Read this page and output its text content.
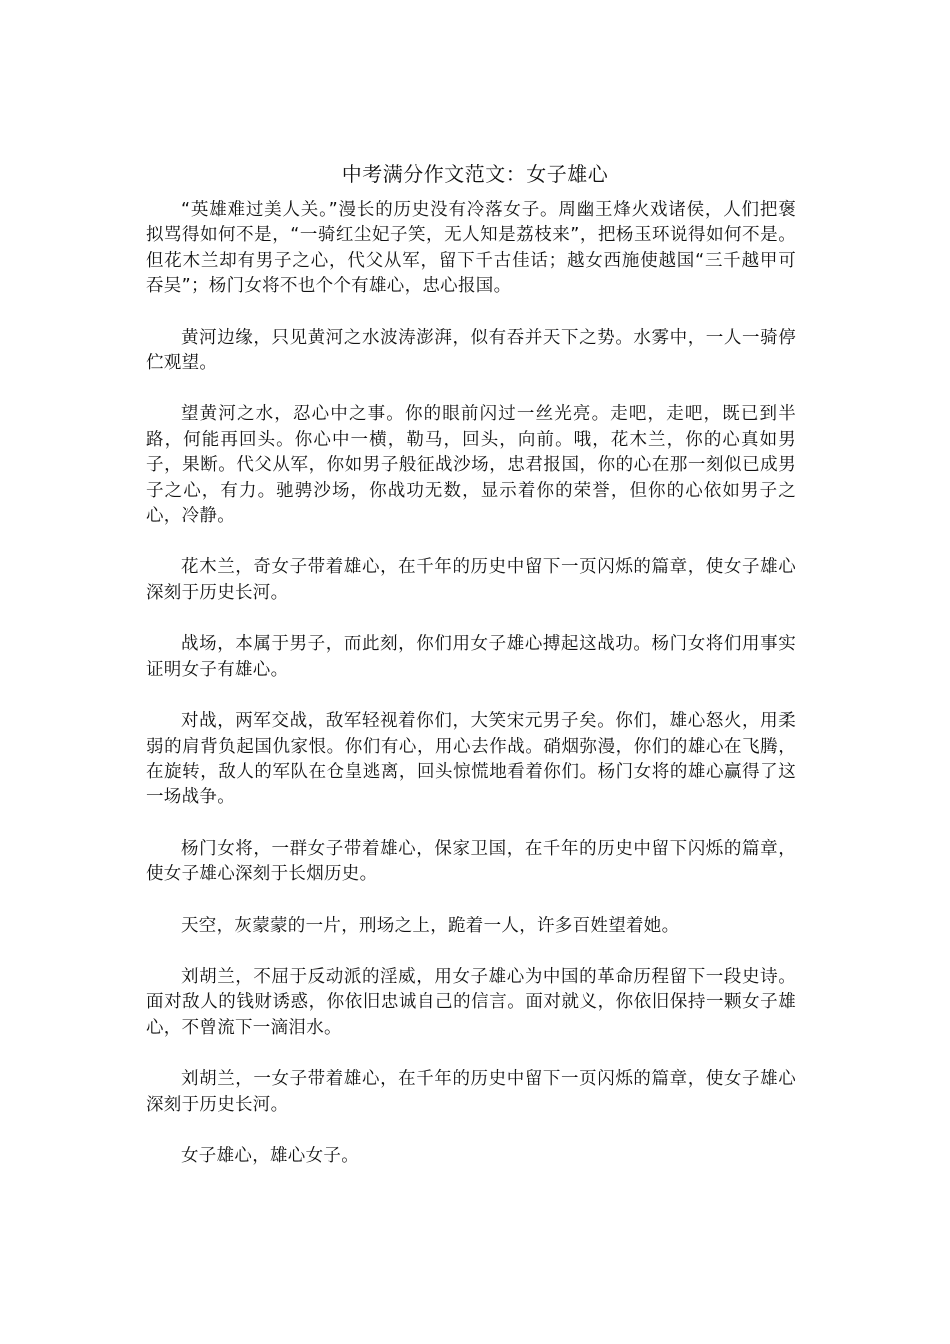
中考满分作文范文：女子雄心

“英雄难过美人关。”漫长的历史没有冷落女子。周幽王烽火戏诸侯，人们把褒拟骂得如何不是，“一骑红尘妃子笑，无人知是荔枝来”，把杨玉环说得如何不是。但花木兰却有男子之心，代父从军，留下千古佳话；越女西施使越国“三千越甲可吞吴”；杨门女将不也个个有雄心，忠心报国。

黄河边缘，只见黄河之水波涛澎湃，似有吞并天下之势。水雾中，一人一骑停伫观望。

望黄河之水，忍心中之事。你的眼前闪过一丝光亮。走吧，走吧，既已到半路，何能再回头。你心中一横，勒马，回头，向前。哦，花木兰，你的心真如男子，果断。代父从军，你如男子般征战沙场，忠君报国，你的心在那一刻似已成男子之心，有力。驰骋沙场，你战功无数，显示着你的荣誉，但你的心依如男子之心，冷静。

花木兰，奇女子带着雄心，在千年的历史中留下一页闪烁的篇章，使女子雄心深刻于历史长河。

战场，本属于男子，而此刻，你们用女子雄心搏起这战功。杨门女将们用事实证明女子有雄心。

对战，两军交战，敌军轻视着你们，大笑宋元男子矣。你们，雄心怒火，用柔弱的肩背负起国仇家恨。你们有心，用心去作战。硝烟弥漫，你们的雄心在飞腾，在旋转，敌人的军队在仓皇逃离，回头惊慌地看着你们。杨门女将的雄心赢得了这一场战争。

杨门女将，一群女子带着雄心，保家卫国，在千年的历史中留下闪烁的篇章，使女子雄心深刻于长烟历史。

天空，灰蒙蒙的一片，刑场之上，跪着一人，许多百姓望着她。

刘胡兰，不屈于反动派的淫威，用女子雄心为中国的革命历程留下一段史诗。面对敌人的钱财诱惑，你依旧忠诚自己的信言。面对就义，你依旧保持一颗女子雄心，不曾流下一滴泪水。

刘胡兰，一女子带着雄心，在千年的历史中留下一页闪烁的篇章，使女子雄心深刻于历史长河。

女子雄心，雄心女子。
